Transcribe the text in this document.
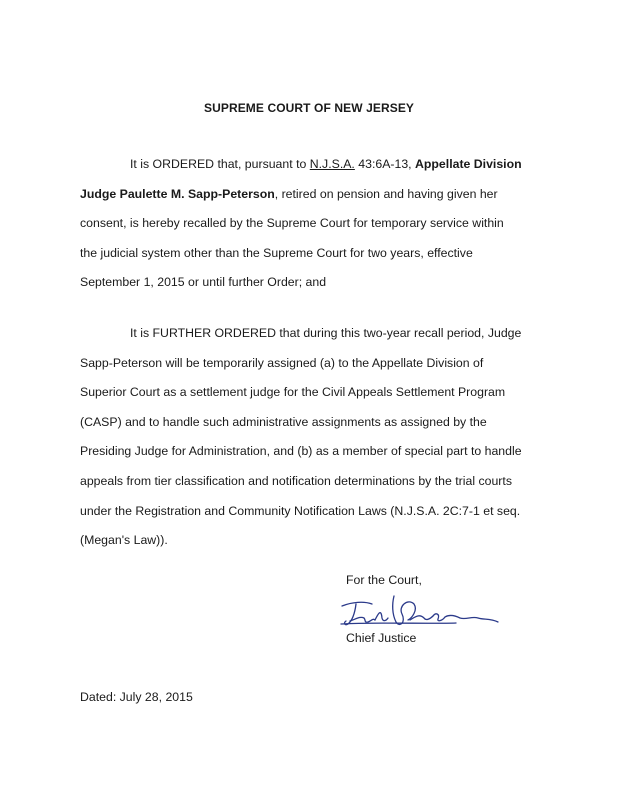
SUPREME COURT OF NEW JERSEY
It is ORDERED that, pursuant to N.J.S.A. 43:6A-13, Appellate Division
Judge Paulette M. Sapp-Peterson, retired on pension and having given her
consent, is hereby recalled by the Supreme Court for temporary service within
the judicial system other than the Supreme Court for two years, effective
September 1, 2015 or until further Order; and
It is FURTHER ORDERED that during this two-year recall period, Judge
Sapp-Peterson will be temporarily assigned (a) to the Appellate Division of
Superior Court as a settlement judge for the Civil Appeals Settlement Program
(CASP) and to handle such administrative assignments as assigned by the
Presiding Judge for Administration, and (b) as a member of special part to handle
appeals from tier classification and notification determinations by the trial courts
under the Registration and Community Notification Laws (N.J.S.A. 2C:7-1 et seq.
(Megan's Law)).
For the Court,
Chief Justice
Dated: July 28, 2015
